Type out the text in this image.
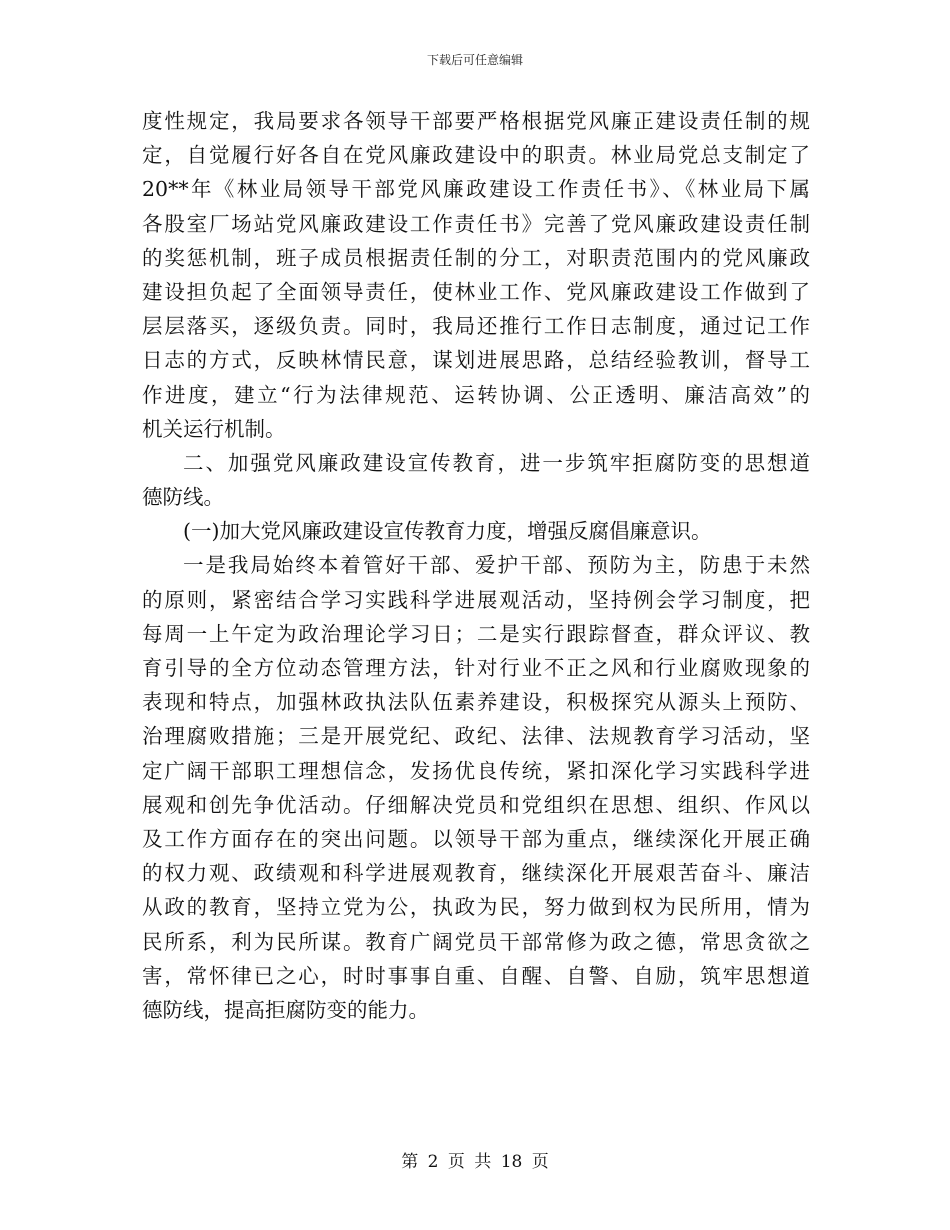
下载后可任意编辑
度性规定，我局要求各领导干部要严格根据党风廉正建设责任制的规
定，自觉履行好各自在党风廉政建设中的职责。林业局党总支制定了
20**年《林业局领导干部党风廉政建设工作责任书》、《林业局下属
各股室厂场站党风廉政建设工作责任书》完善了党风廉政建设责任制
的奖惩机制，班子成员根据责任制的分工，对职责范围内的党风廉政
建设担负起了全面领导责任，使林业工作、党风廉政建设工作做到了
层层落买，逐级负责。同时，我局还推行工作日志制度，通过记工作
日志的方式，反映林情民意，谋划进展思路，总结经验教训，督导工
作进度，建立“行为法律规范、运转协调、公正透明、廉洁高效”的
机关运行机制。
二、加强党风廉政建设宣传教育，进一步筑牢拒腐防变的思想道
德防线。
(一)加大党风廉政建设宣传教育力度，增强反腐倡廉意识。
一是我局始终本着管好干部、爱护干部、预防为主，防患于未然
的原则，紧密结合学习实践科学进展观活动，坚持例会学习制度，把
每周一上午定为政治理论学习日；二是实行跟踪督查，群众评议、教
育引导的全方位动态管理方法，针对行业不正之风和行业腐败现象的
表现和特点，加强林政执法队伍素养建设，积极探究从源头上预防、
治理腐败措施；三是开展党纪、政纪、法律、法规教育学习活动，坚
定广阔干部职工理想信念，发扬优良传统，紧扣深化学习实践科学进
展观和创先争优活动。仔细解决党员和党组织在思想、组织、作风以
及工作方面存在的突出问题。以领导干部为重点，继续深化开展正确
的权力观、政绩观和科学进展观教育，继续深化开展艰苦奋斗、廉洁
从政的教育，坚持立党为公，执政为民，努力做到权为民所用，情为
民所系，利为民所谋。教育广阔党员干部常修为政之德，常思贪欲之
害，常怀律已之心，时时事事自重、自醒、自警、自励，筑牢思想道
德防线，提高拒腐防变的能力。
第 2 页 共 18 页
